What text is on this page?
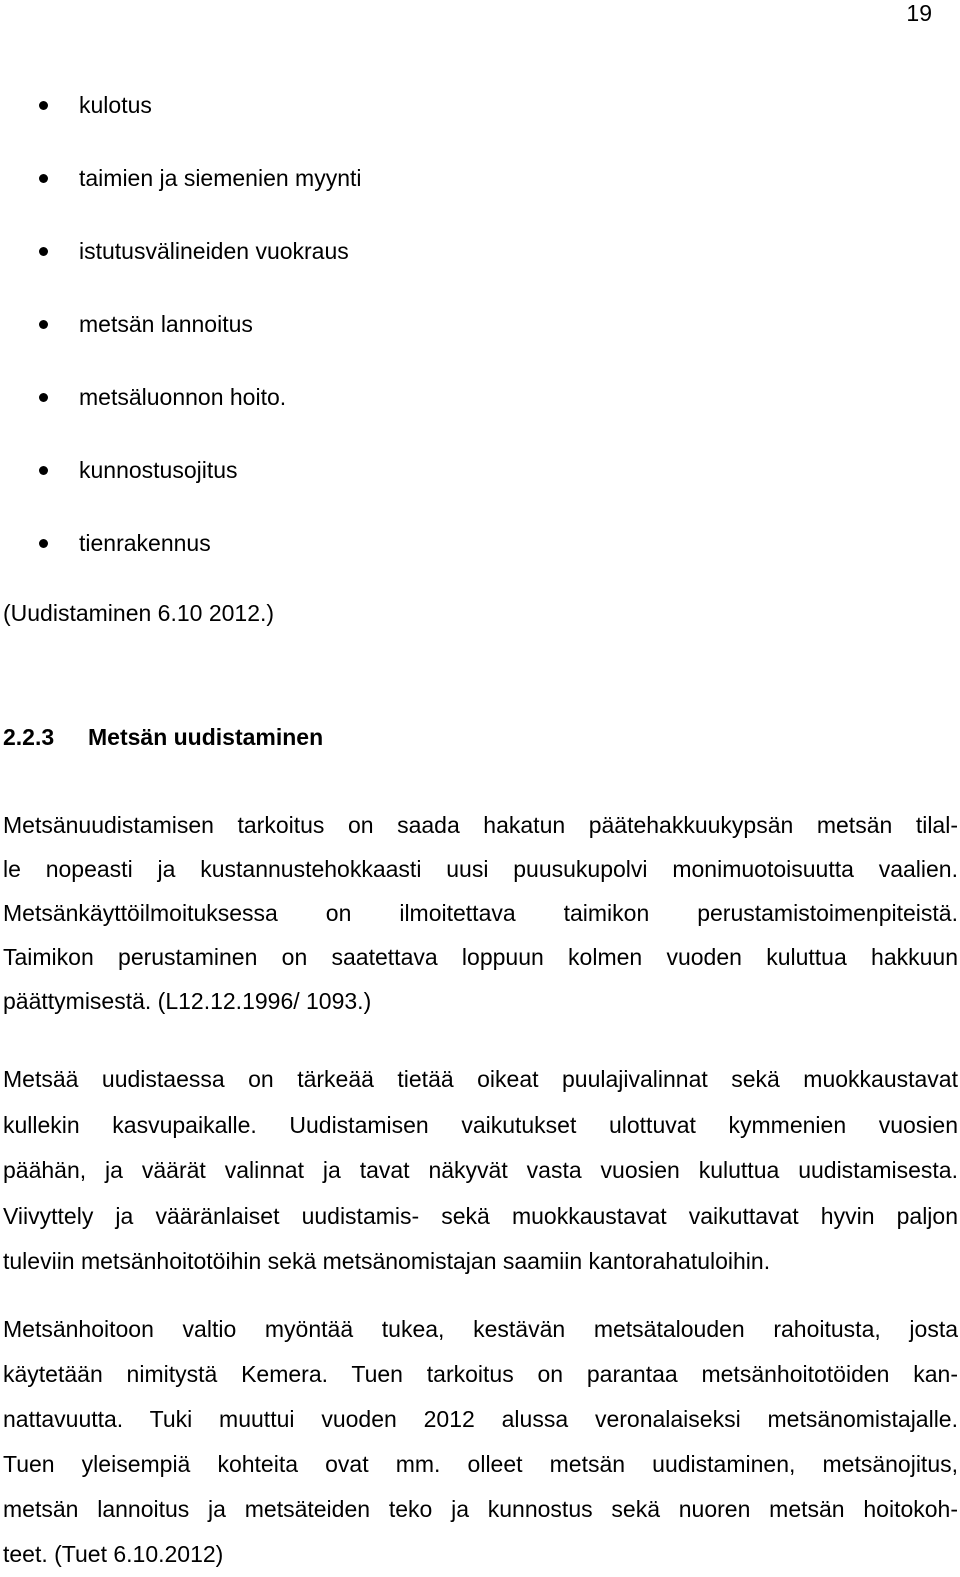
19
kulotus
taimien ja siemenien myynti
istutusvälineiden vuokraus
metsän lannoitus
metsäluonnon hoito.
kunnostusojitus
tienrakennus
(Uudistaminen 6.10 2012.)
2.2.3 Metsän uudistaminen
Metsänuudistamisen tarkoitus on saada hakatun päätehakkuukypsän metsän tilal-
le nopeasti ja kustannustehokkaasti uusi puusukupolvi monimuotoisuutta vaalien.
Metsänkäyttöilmoituksessa on ilmoitettava taimikon perustamistoimenpiteistä.
Taimikon perustaminen on saatettava loppuun kolmen vuoden kuluttua hakkuun
päättymisestä. (L12.12.1996/ 1093.)
Metsää uudistaessa on tärkeää tietää oikeat puulajivalinnat sekä muokkaustavat
kullekin kasvupaikalle. Uudistamisen vaikutukset ulottuvat kymmenien vuosien
päähän, ja väärät valinnat ja tavat näkyvät vasta vuosien kuluttua uudistamisesta.
Viivyttely ja vääränlaiset uudistamis- sekä muokkaustavat vaikuttavat hyvin paljon
tuleviin metsänhoitotöihin sekä metsänomistajan saamiin kantorahatuloihin.
Metsänhoitoon valtio myöntää tukea, kestävän metsätalouden rahoitusta, josta
käytetään nimitystä Kemera. Tuen tarkoitus on parantaa metsänhoitotöiden kan-
nattavuutta. Tuki muuttui vuoden 2012 alussa veronalaiseksi metsänomistajalle.
Tuen yleisempiä kohteita ovat mm. olleet metsän uudistaminen, metsänojitus,
metsän lannoitus ja metsäteiden teko ja kunnostus sekä nuoren metsän hoitokoh-
teet. (Tuet 6.10.2012)
